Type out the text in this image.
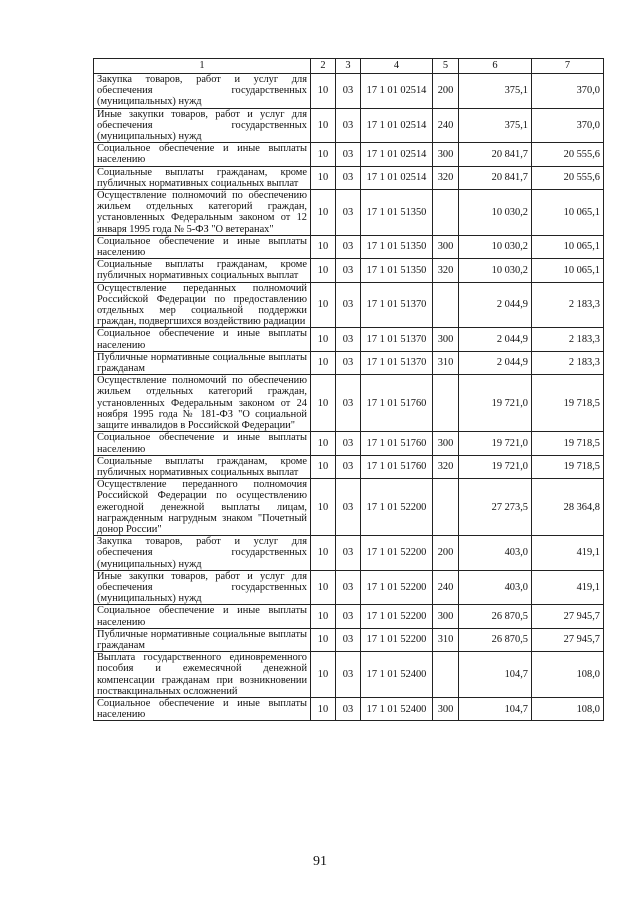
1	2	3	4	5	6	7
Закупка товаров, работ и услуг для обеспечения государственных (муниципальных) нужд	10	03	17 1 01 02514	200	375,1	370,0
Иные закупки товаров, работ и услуг для обеспечения государственных (муниципальных) нужд	10	03	17 1 01 02514	240	375,1	370,0
Социальное обеспечение и иные выплаты населению	10	03	17 1 01 02514	300	20 841,7	20 555,6
Социальные выплаты гражданам, кроме публичных нормативных социальных выплат	10	03	17 1 01 02514	320	20 841,7	20 555,6
Осуществление полномочий по обеспечению жильем отдельных категорий граждан, установленных Федеральным законом от 12 января 1995 года № 5-ФЗ "О ветеранах"	10	03	17 1 01 51350		10 030,2	10 065,1
Социальное обеспечение и иные выплаты населению	10	03	17 1 01 51350	300	10 030,2	10 065,1
Социальные выплаты гражданам, кроме публичных нормативных социальных выплат	10	03	17 1 01 51350	320	10 030,2	10 065,1
Осуществление переданных полномочий Российской Федерации по предоставлению отдельных мер социальной поддержки граждан, подвергшихся воздействию радиации	10	03	17 1 01 51370		2 044,9	2 183,3
Социальное обеспечение и иные выплаты населению	10	03	17 1 01 51370	300	2 044,9	2 183,3
Публичные нормативные социальные выплаты гражданам	10	03	17 1 01 51370	310	2 044,9	2 183,3
Осуществление полномочий по обеспечению жильем отдельных категорий граждан, установленных Федеральным законом от 24 ноября 1995 года № 181-ФЗ "О социальной защите инвалидов в Российской Федерации"	10	03	17 1 01 51760		19 721,0	19 718,5
Социальное обеспечение и иные выплаты населению	10	03	17 1 01 51760	300	19 721,0	19 718,5
Социальные выплаты гражданам, кроме публичных нормативных социальных выплат	10	03	17 1 01 51760	320	19 721,0	19 718,5
Осуществление переданного полномочия Российской Федерации по осуществлению ежегодной денежной выплаты лицам, награжденным нагрудным знаком "Почетный донор России"	10	03	17 1 01 52200		27 273,5	28 364,8
Закупка товаров, работ и услуг для обеспечения государственных (муниципальных) нужд	10	03	17 1 01 52200	200	403,0	419,1
Иные закупки товаров, работ и услуг для обеспечения государственных (муниципальных) нужд	10	03	17 1 01 52200	240	403,0	419,1
Социальное обеспечение и иные выплаты населению	10	03	17 1 01 52200	300	26 870,5	27 945,7
Публичные нормативные социальные выплаты гражданам	10	03	17 1 01 52200	310	26 870,5	27 945,7
Выплата государственного единовременного пособия и ежемесячной денежной компенсации гражданам при возникновении поствакцинальных осложнений	10	03	17 1 01 52400		104,7	108,0
Социальное обеспечение и иные выплаты населению	10	03	17 1 01 52400	300	104,7	108,0
91
